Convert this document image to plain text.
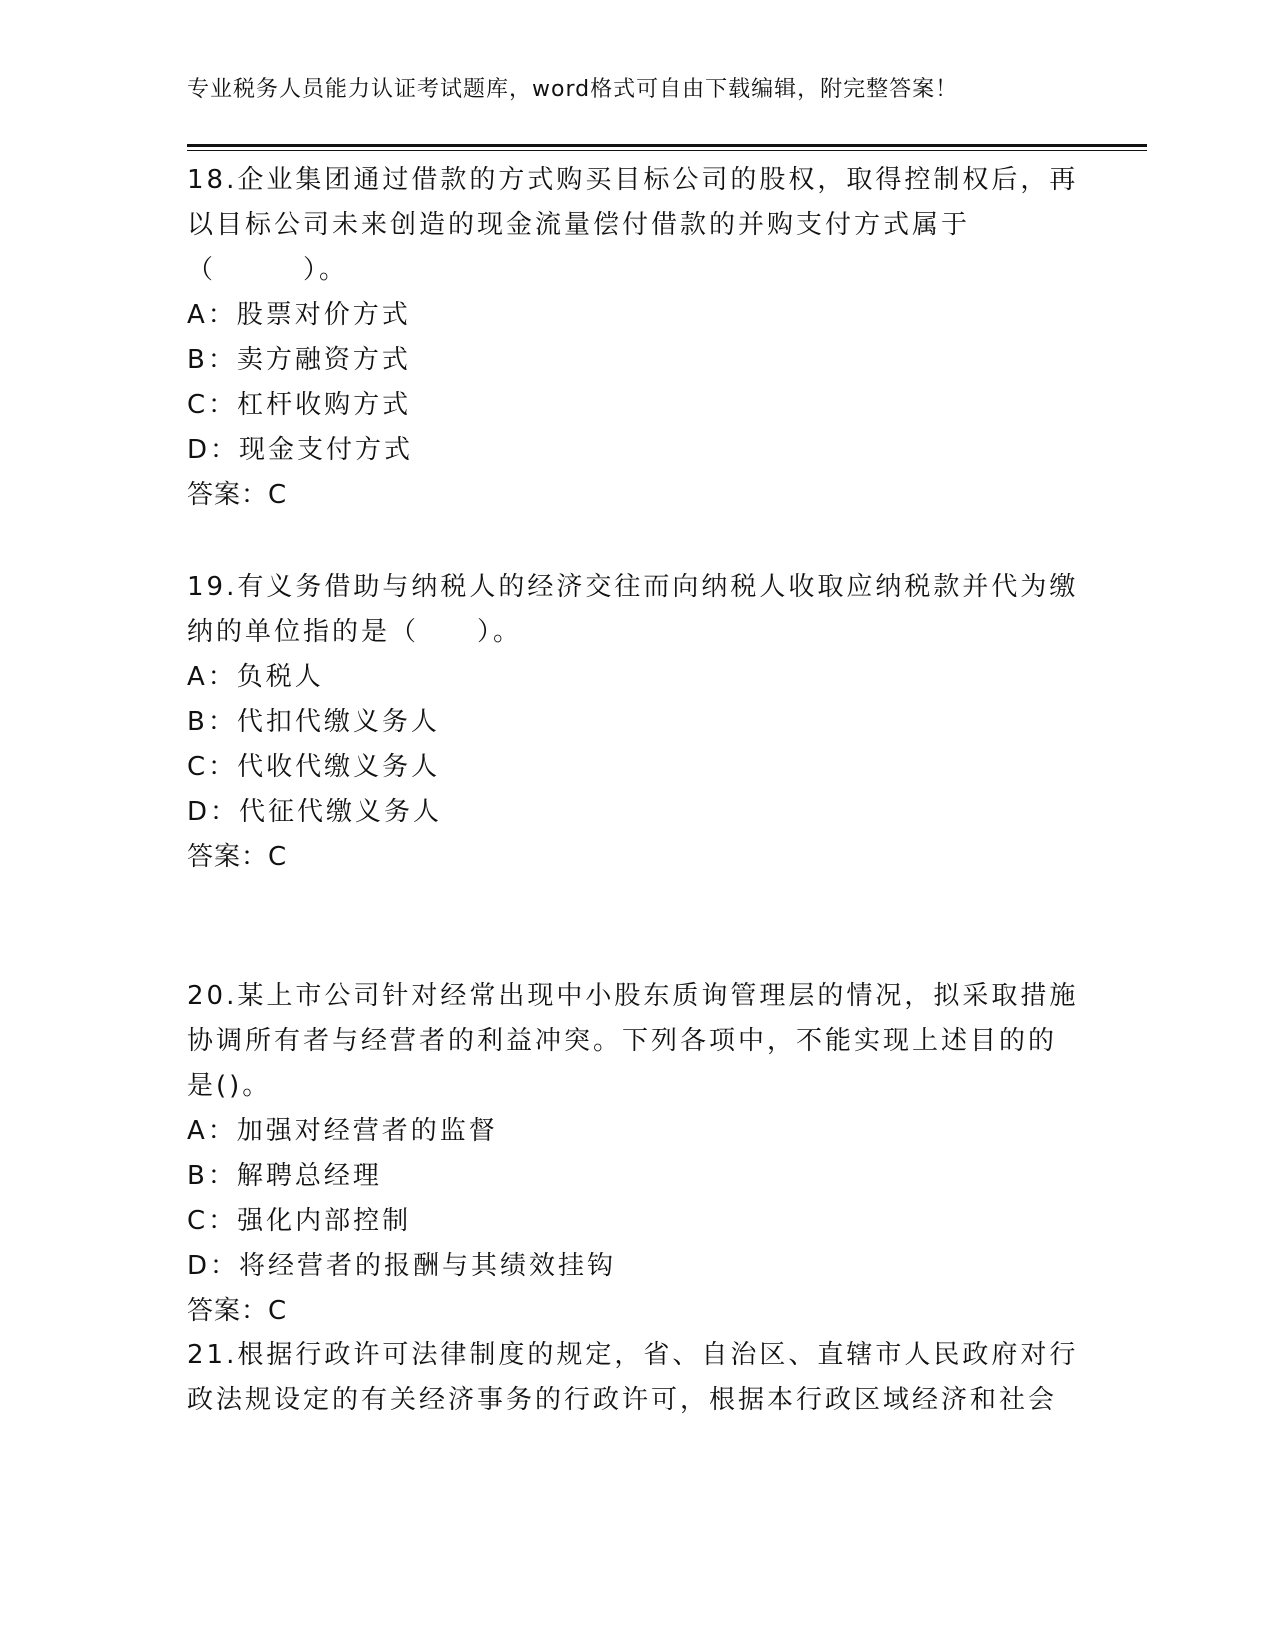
专业税务人员能力认证考试题库，word格式可自由下载编辑，附完整答案！
18.企业集团通过借款的方式购买目标公司的股权，取得控制权后，再
以目标公司未来创造的现金流量偿付借款的并购支付方式属于
（　　　）。
A：股票对价方式
B：卖方融资方式
C：杠杆收购方式
D：现金支付方式
答案：C
19.有义务借助与纳税人的经济交往而向纳税人收取应纳税款并代为缴
纳的单位指的是（　　）。
A：负税人
B：代扣代缴义务人
C：代收代缴义务人
D：代征代缴义务人
答案：C
20.某上市公司针对经常出现中小股东质询管理层的情况，拟采取措施
协调所有者与经营者的利益冲突。下列各项中，不能实现上述目的的
是()。
A：加强对经营者的监督
B：解聘总经理
C：强化内部控制
D：将经营者的报酬与其绩效挂钩
答案：C
21.根据行政许可法律制度的规定，省、自治区、直辖市人民政府对行
政法规设定的有关经济事务的行政许可，根据本行政区域经济和社会
